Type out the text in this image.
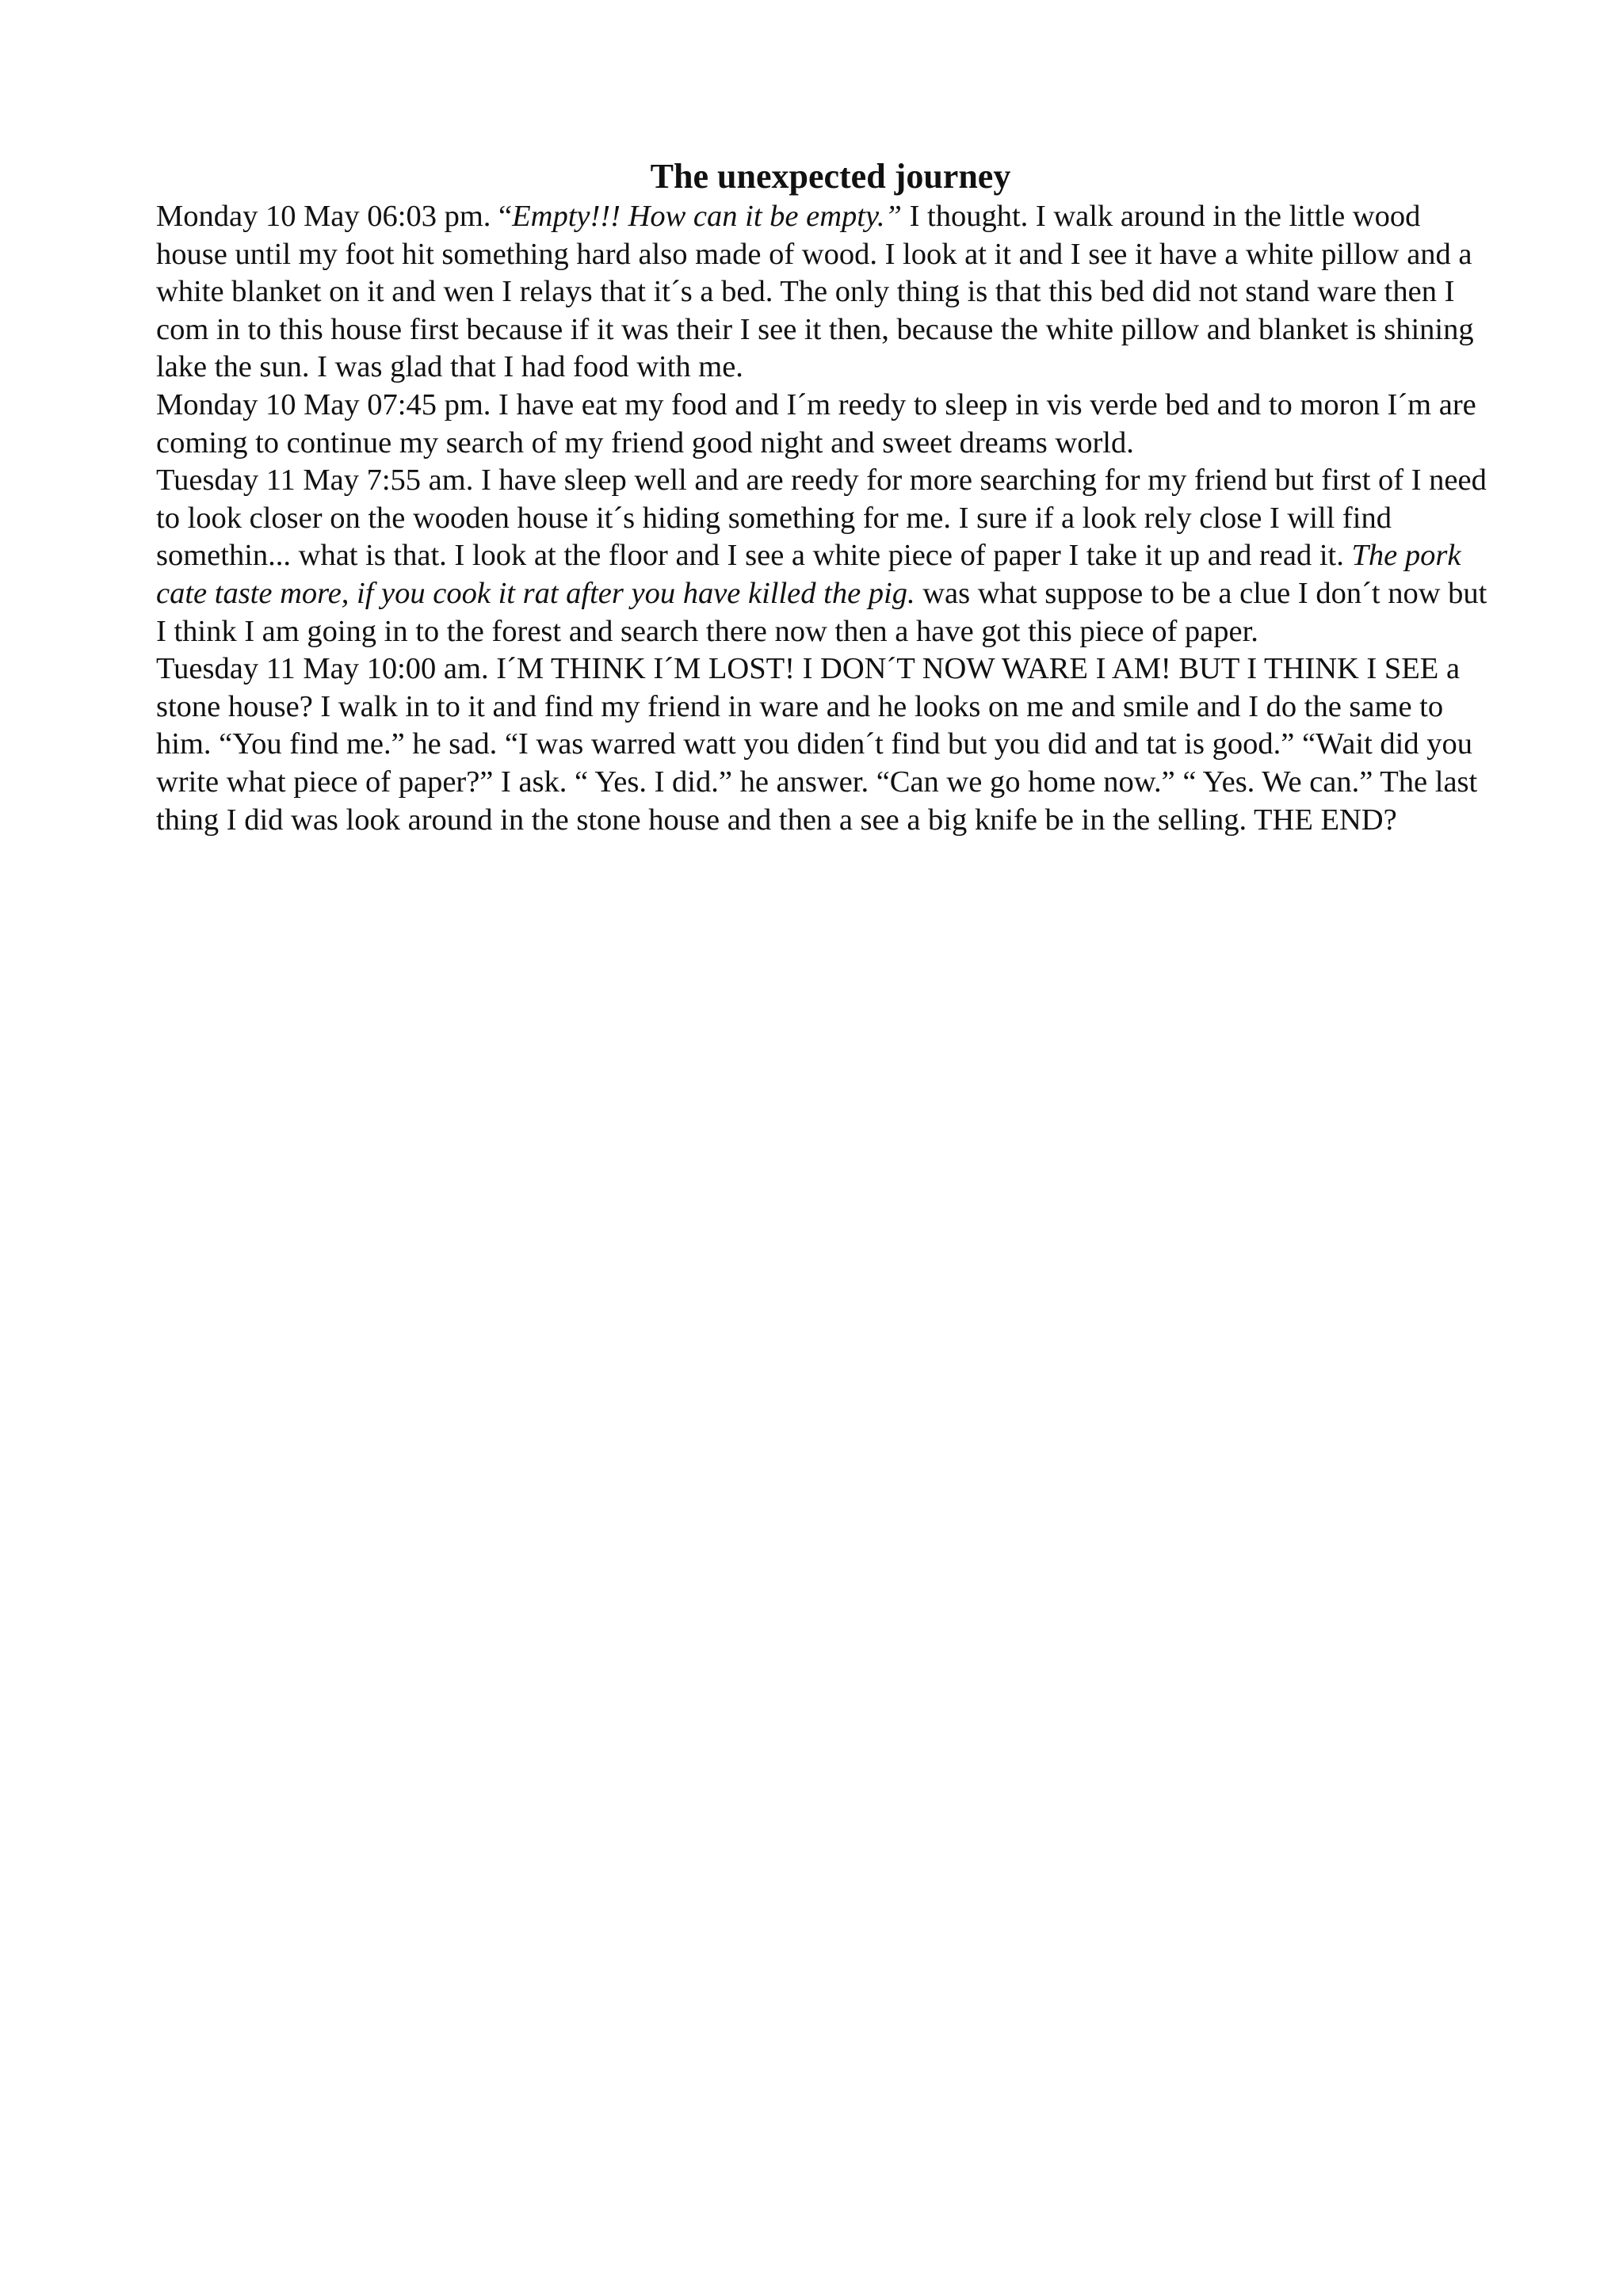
The unexpected journey

Monday 10 May 06:03 pm. “Empty!!! How can it be empty.” I thought. I walk around in the little wood house until my foot hit something hard also made of wood. I look at it and I see it have a white pillow and a white blanket on it and wen I relays that it´s a bed. The only thing is that this bed did not stand ware then I com in to this house first because if it was their I see it then, because the white pillow and blanket is shining lake the sun. I was glad that I had food with me.

Monday 10 May 07:45 pm. I have eat my food and I´m reedy to sleep in vis verde bed and to moron I´m are coming to continue my search of my friend good night and sweet dreams world.

Tuesday 11 May 7:55 am. I have sleep well and are reedy for more searching for my friend but first of I need to look closer on the wooden house it´s hiding something for me. I sure if a look rely close I will find somethin... what is that. I look at the floor and I see a white piece of paper I take it up and read it. The pork cate taste more, if you cook it rat after you have killed the pig. was what suppose to be a clue I don´t now but I think I am going in to the forest and search there now then a have got this piece of paper.

Tuesday 11 May 10:00 am. I´M THINK I´M LOST! I DON´T NOW WARE I AM! BUT I THINK I SEE a stone house? I walk in to it and find my friend in ware and he looks on me and smile and I do the same to him. “You find me.” he sad. “I was warred watt you diden´t find but you did and tat is good.” “Wait did you write what piece of paper?” I ask. “ Yes. I did.” he answer. “Can we go home now.” “ Yes. We can.” The last thing I did was look around in the stone house and then a see a big knife be in the selling. THE END?
